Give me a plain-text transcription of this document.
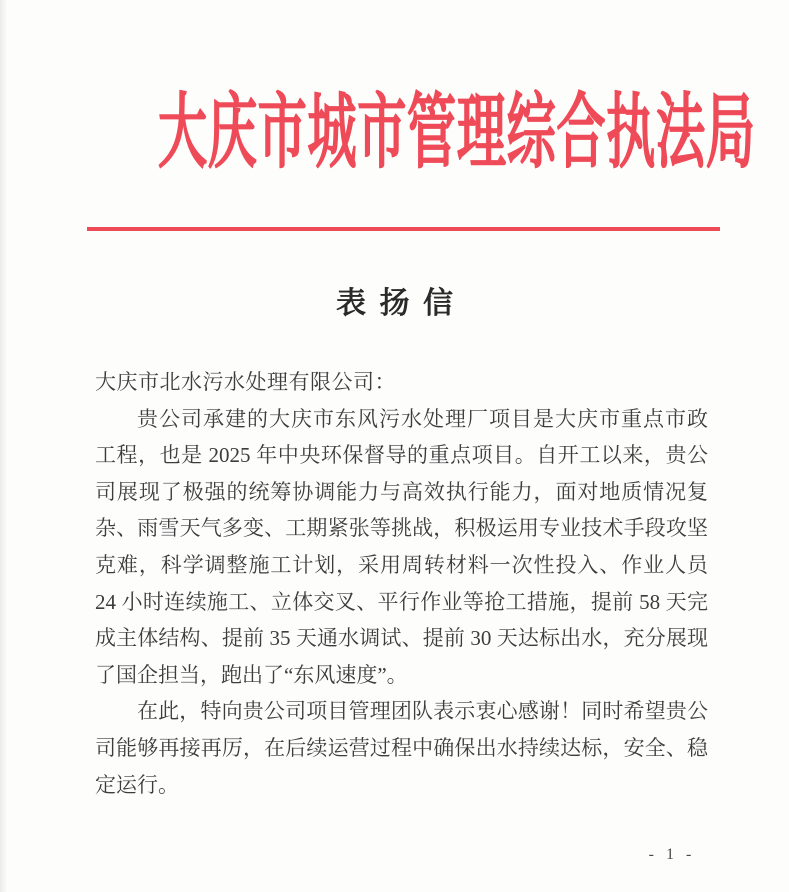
大庆市城市管理综合执法局
表 扬 信
大庆市北水污水处理有限公司：
贵公司承建的大庆市东风污水处理厂项目是大庆市重点市政
工程，也是 2025 年中央环保督导的重点项目。自开工以来，贵公
司展现了极强的统筹协调能力与高效执行能力，面对地质情况复
杂、雨雪天气多变、工期紧张等挑战，积极运用专业技术手段攻坚
克难，科学调整施工计划，采用周转材料一次性投入、作业人员
24 小时连续施工、立体交叉、平行作业等抢工措施，提前 58 天完
成主体结构、提前 35 天通水调试、提前 30 天达标出水，充分展现
了国企担当，跑出了“东风速度”。
在此，特向贵公司项目管理团队表示衷心感谢！同时希望贵公
司能够再接再厉，在后续运营过程中确保出水持续达标，安全、稳
定运行。
- 1 -
